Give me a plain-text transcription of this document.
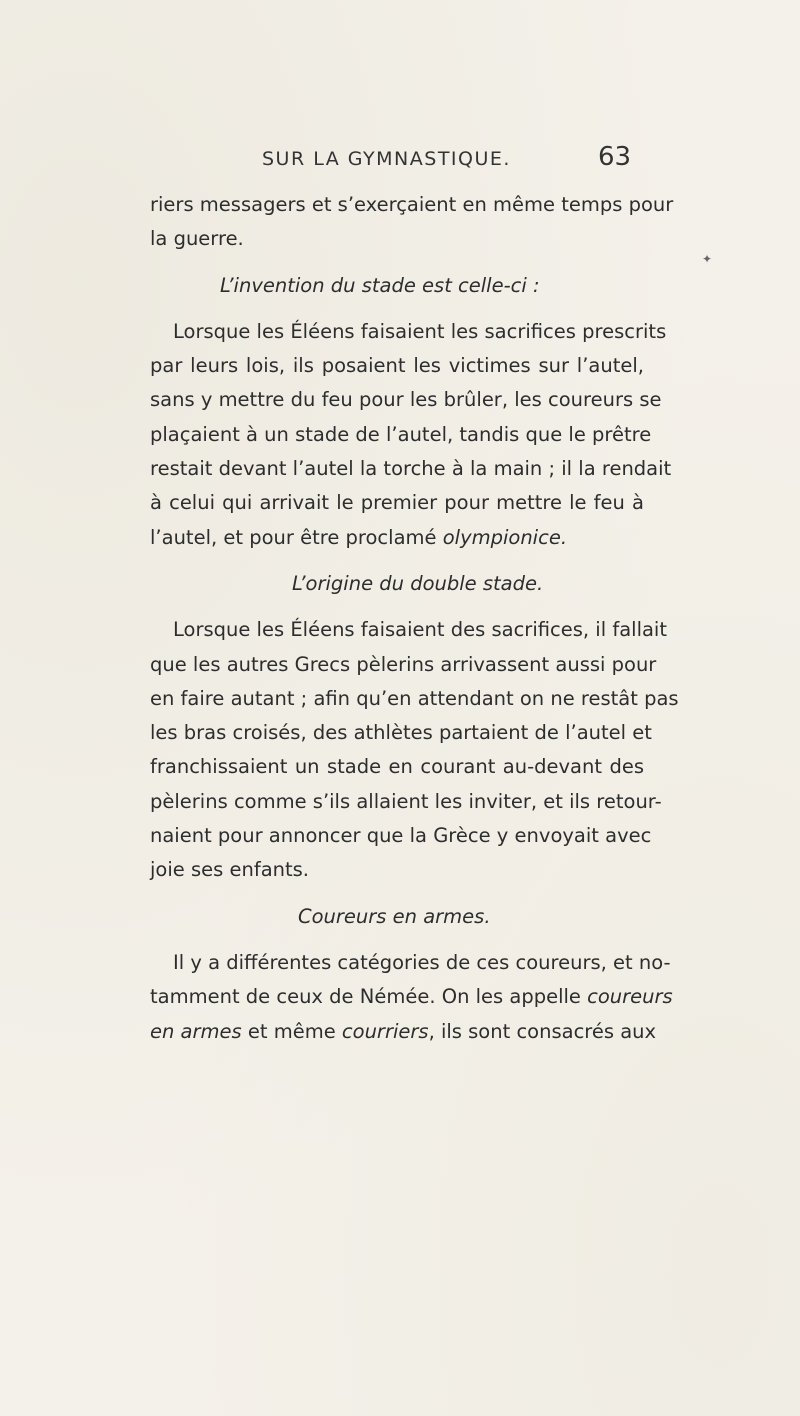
SUR LA GYMNASTIQUE.	63
✦
riers messagers et s’exerçaient en même temps pour
la guerre.
L’invention du stade est celle-ci :
Lorsque les Éléens faisaient les sacrifices prescrits
par leurs lois, ils posaient les victimes sur l’autel,
sans y mettre du feu pour les brûler, les coureurs se
plaçaient à un stade de l’autel, tandis que le prêtre
restait devant l’autel la torche à la main ; il la rendait
à celui qui arrivait le premier pour mettre le feu à
l’autel, et pour être proclamé olympionice.
L’origine du double stade.
Lorsque les Éléens faisaient des sacrifices, il fallait
que les autres Grecs pèlerins arrivassent aussi pour
en faire autant ; afin qu’en attendant on ne restât pas
les bras croisés, des athlètes partaient de l’autel et
franchissaient un stade en courant au-devant des
pèlerins comme s’ils allaient les inviter, et ils retour-
naient pour annoncer que la Grèce y envoyait avec
joie ses enfants.
Coureurs en armes.
Il y a différentes catégories de ces coureurs, et no-
tamment de ceux de Némée. On les appelle coureurs
en armes et même courriers, ils sont consacrés aux
